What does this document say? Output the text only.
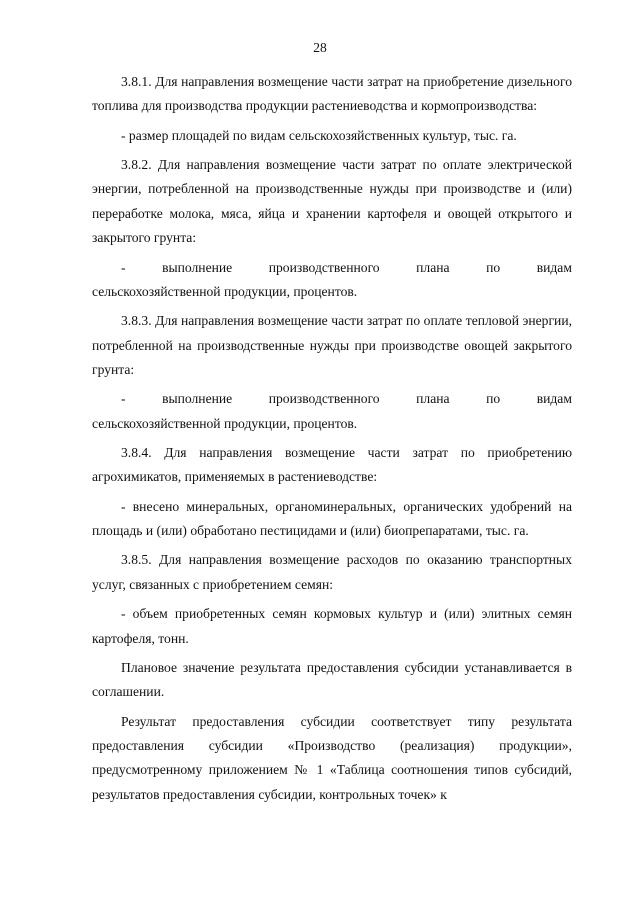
28

3.8.1. Для направления возмещение части затрат на приобретение дизельного топлива для производства продукции растениеводства и кормопроизводства:

- размер площадей по видам сельскохозяйственных культур, тыс. га.

3.8.2. Для направления возмещение части затрат по оплате электрической энергии, потребленной на производственные нужды при производстве и (или) переработке молока, мяса, яйца и хранении картофеля и овощей открытого и закрытого грунта:

-	выполнение	производственного	плана	по	видам
сельскохозяйственной продукции, процентов.

3.8.3. Для направления возмещение части затрат по оплате тепловой энергии, потребленной на производственные нужды при производстве овощей закрытого грунта:

-	выполнение	производственного	плана	по	видам
сельскохозяйственной продукции, процентов.

3.8.4. Для направления возмещение части затрат по приобретению агрохимикатов, применяемых в растениеводстве:

- внесено минеральных, органоминеральных, органических удобрений на площадь и (или) обработано пестицидами и (или) биопрепаратами, тыс. га.

3.8.5. Для направления возмещение расходов по оказанию транспортных услуг, связанных с приобретением семян:

- объем приобретенных семян кормовых культур и (или) элитных семян картофеля, тонн.

Плановое значение результата предоставления субсидии устанавливается в соглашении.

Результат предоставления субсидии соответствует типу результата предоставления субсидии «Производство (реализация) продукции», предусмотренному приложением № 1 «Таблица соотношения типов субсидий, результатов предоставления субсидии, контрольных точек» к
